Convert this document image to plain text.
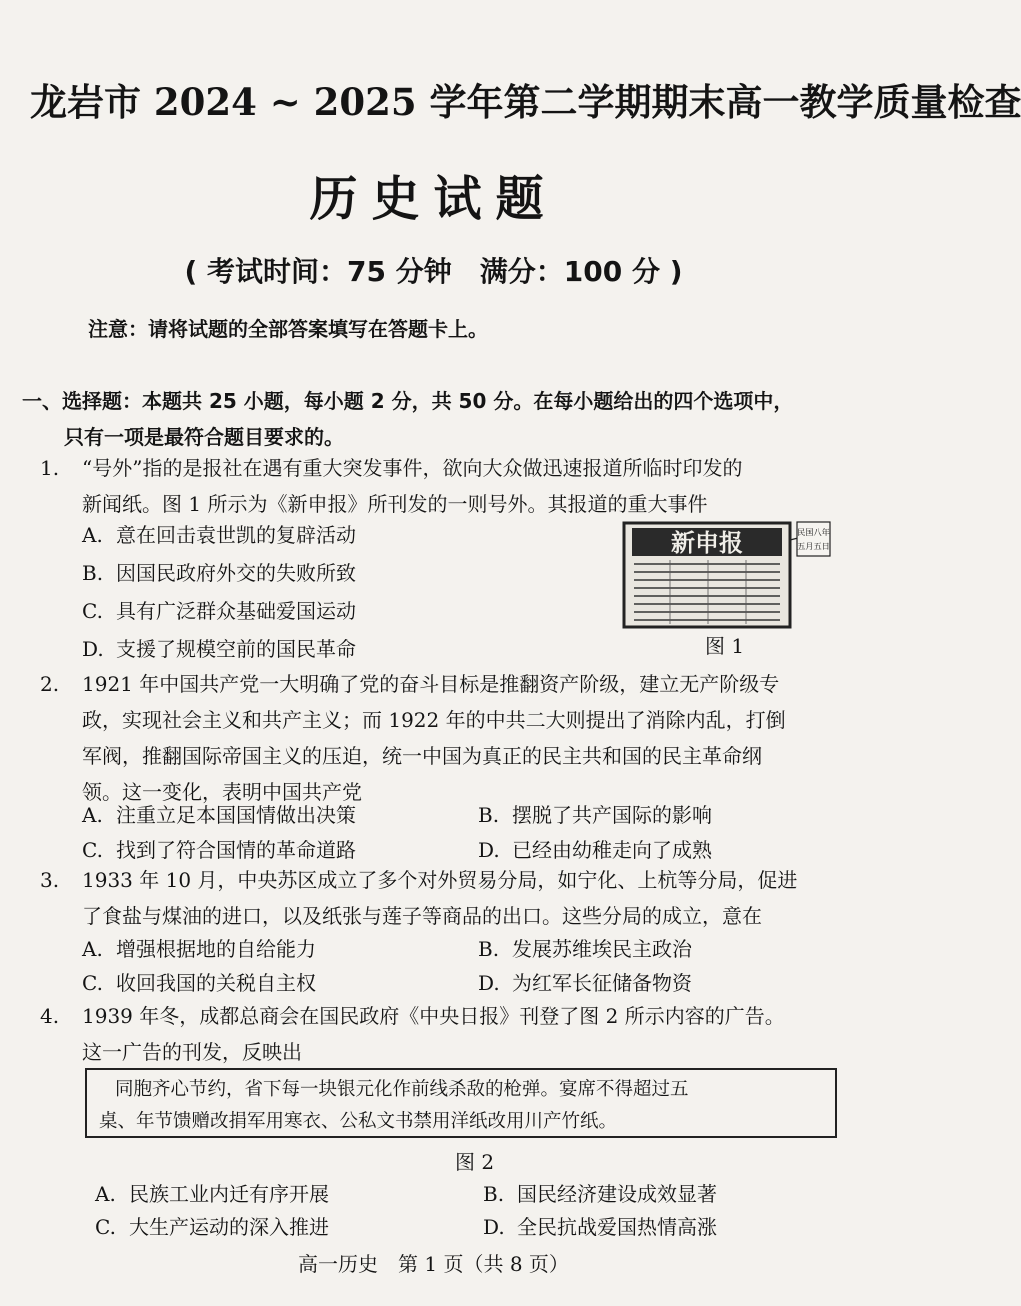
龙岩市 2024 ~ 2025 学年第二学期期末高一教学质量检查
历史试题
( 考试时间：75 分钟　满分：100 分 )
注意：请将试题的全部答案填写在答题卡上。
一、选择题：本题共 25 小题，每小题 2 分，共 50 分。在每小题给出的四个选项中，
只有一项是最符合题目要求的。
1. “号外”指的是报社在遇有重大突发事件，欲向大众做迅速报道所临时印发的
新闻纸。图 1 所示为《新申报》所刊发的一则号外。其报道的重大事件
A. 意在回击袁世凯的复辟活动
B. 因国民政府外交的失败所致
C. 具有广泛群众基础爱国运动
D. 支援了规模空前的国民革命
新申报	民国八年
五月五日
图 1
2. 1921 年中国共产党一大明确了党的奋斗目标是推翻资产阶级，建立无产阶级专
政，实现社会主义和共产主义；而 1922 年的中共二大则提出了消除内乱，打倒
军阀，推翻国际帝国主义的压迫，统一中国为真正的民主共和国的民主革命纲
领。这一变化，表明中国共产党
A. 注重立足本国国情做出决策	B. 摆脱了共产国际的影响
C. 找到了符合国情的革命道路	D. 已经由幼稚走向了成熟
3. 1933 年 10 月，中央苏区成立了多个对外贸易分局，如宁化、上杭等分局，促进
了食盐与煤油的进口，以及纸张与莲子等商品的出口。这些分局的成立，意在
A. 增强根据地的自给能力	B. 发展苏维埃民主政治
C. 收回我国的关税自主权	D. 为红军长征储备物资
4. 1939 年冬，成都总商会在国民政府《中央日报》刊登了图 2 所示内容的广告。
这一广告的刊发，反映出
同胞齐心节约，省下每一块银元化作前线杀敌的枪弹。宴席不得超过五
桌、年节馈赠改捐军用寒衣、公私文书禁用洋纸改用川产竹纸。
图 2
A. 民族工业内迁有序开展	B. 国民经济建设成效显著
C. 大生产运动的深入推进	D. 全民抗战爱国热情高涨
高一历史　第 1 页（共 8 页）
